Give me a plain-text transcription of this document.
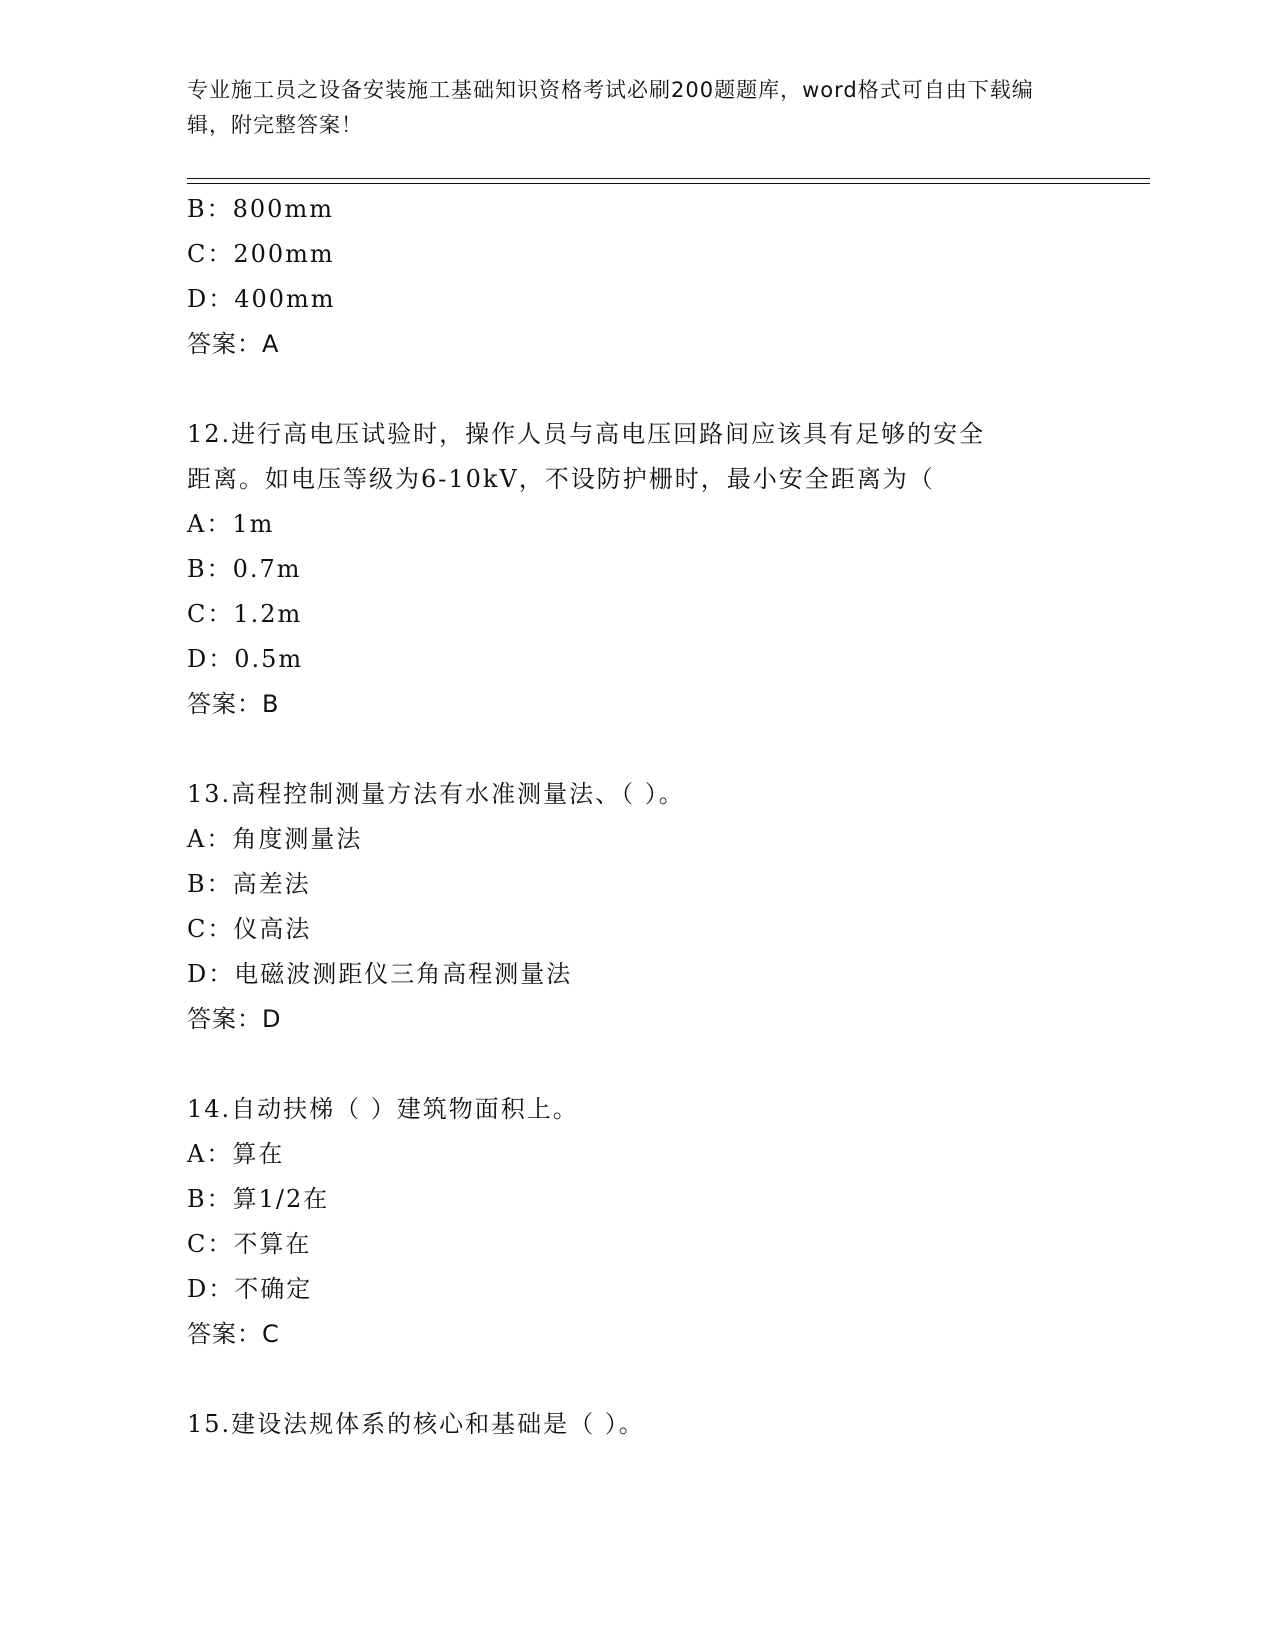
专业施工员之设备安装施工基础知识资格考试必刷200题题库，word格式可自由下载编辑，附完整答案！
B：800mm
C：200mm
D：400mm
答案：A
12.进行高电压试验时，操作人员与高电压回路间应该具有足够的安全
距离。如电压等级为6-10kV，不设防护栅时，最小安全距离为（
A：1m
B：0.7m
C：1.2m
D：0.5m
答案：B
13.高程控制测量方法有水准测量法、（ ）。
A：角度测量法
B：高差法
C：仪高法
D：电磁波测距仪三角高程测量法
答案：D
14.自动扶梯（ ）建筑物面积上。
A：算在
B：算1/2在
C：不算在
D：不确定
答案：C
15.建设法规体系的核心和基础是（ ）。
